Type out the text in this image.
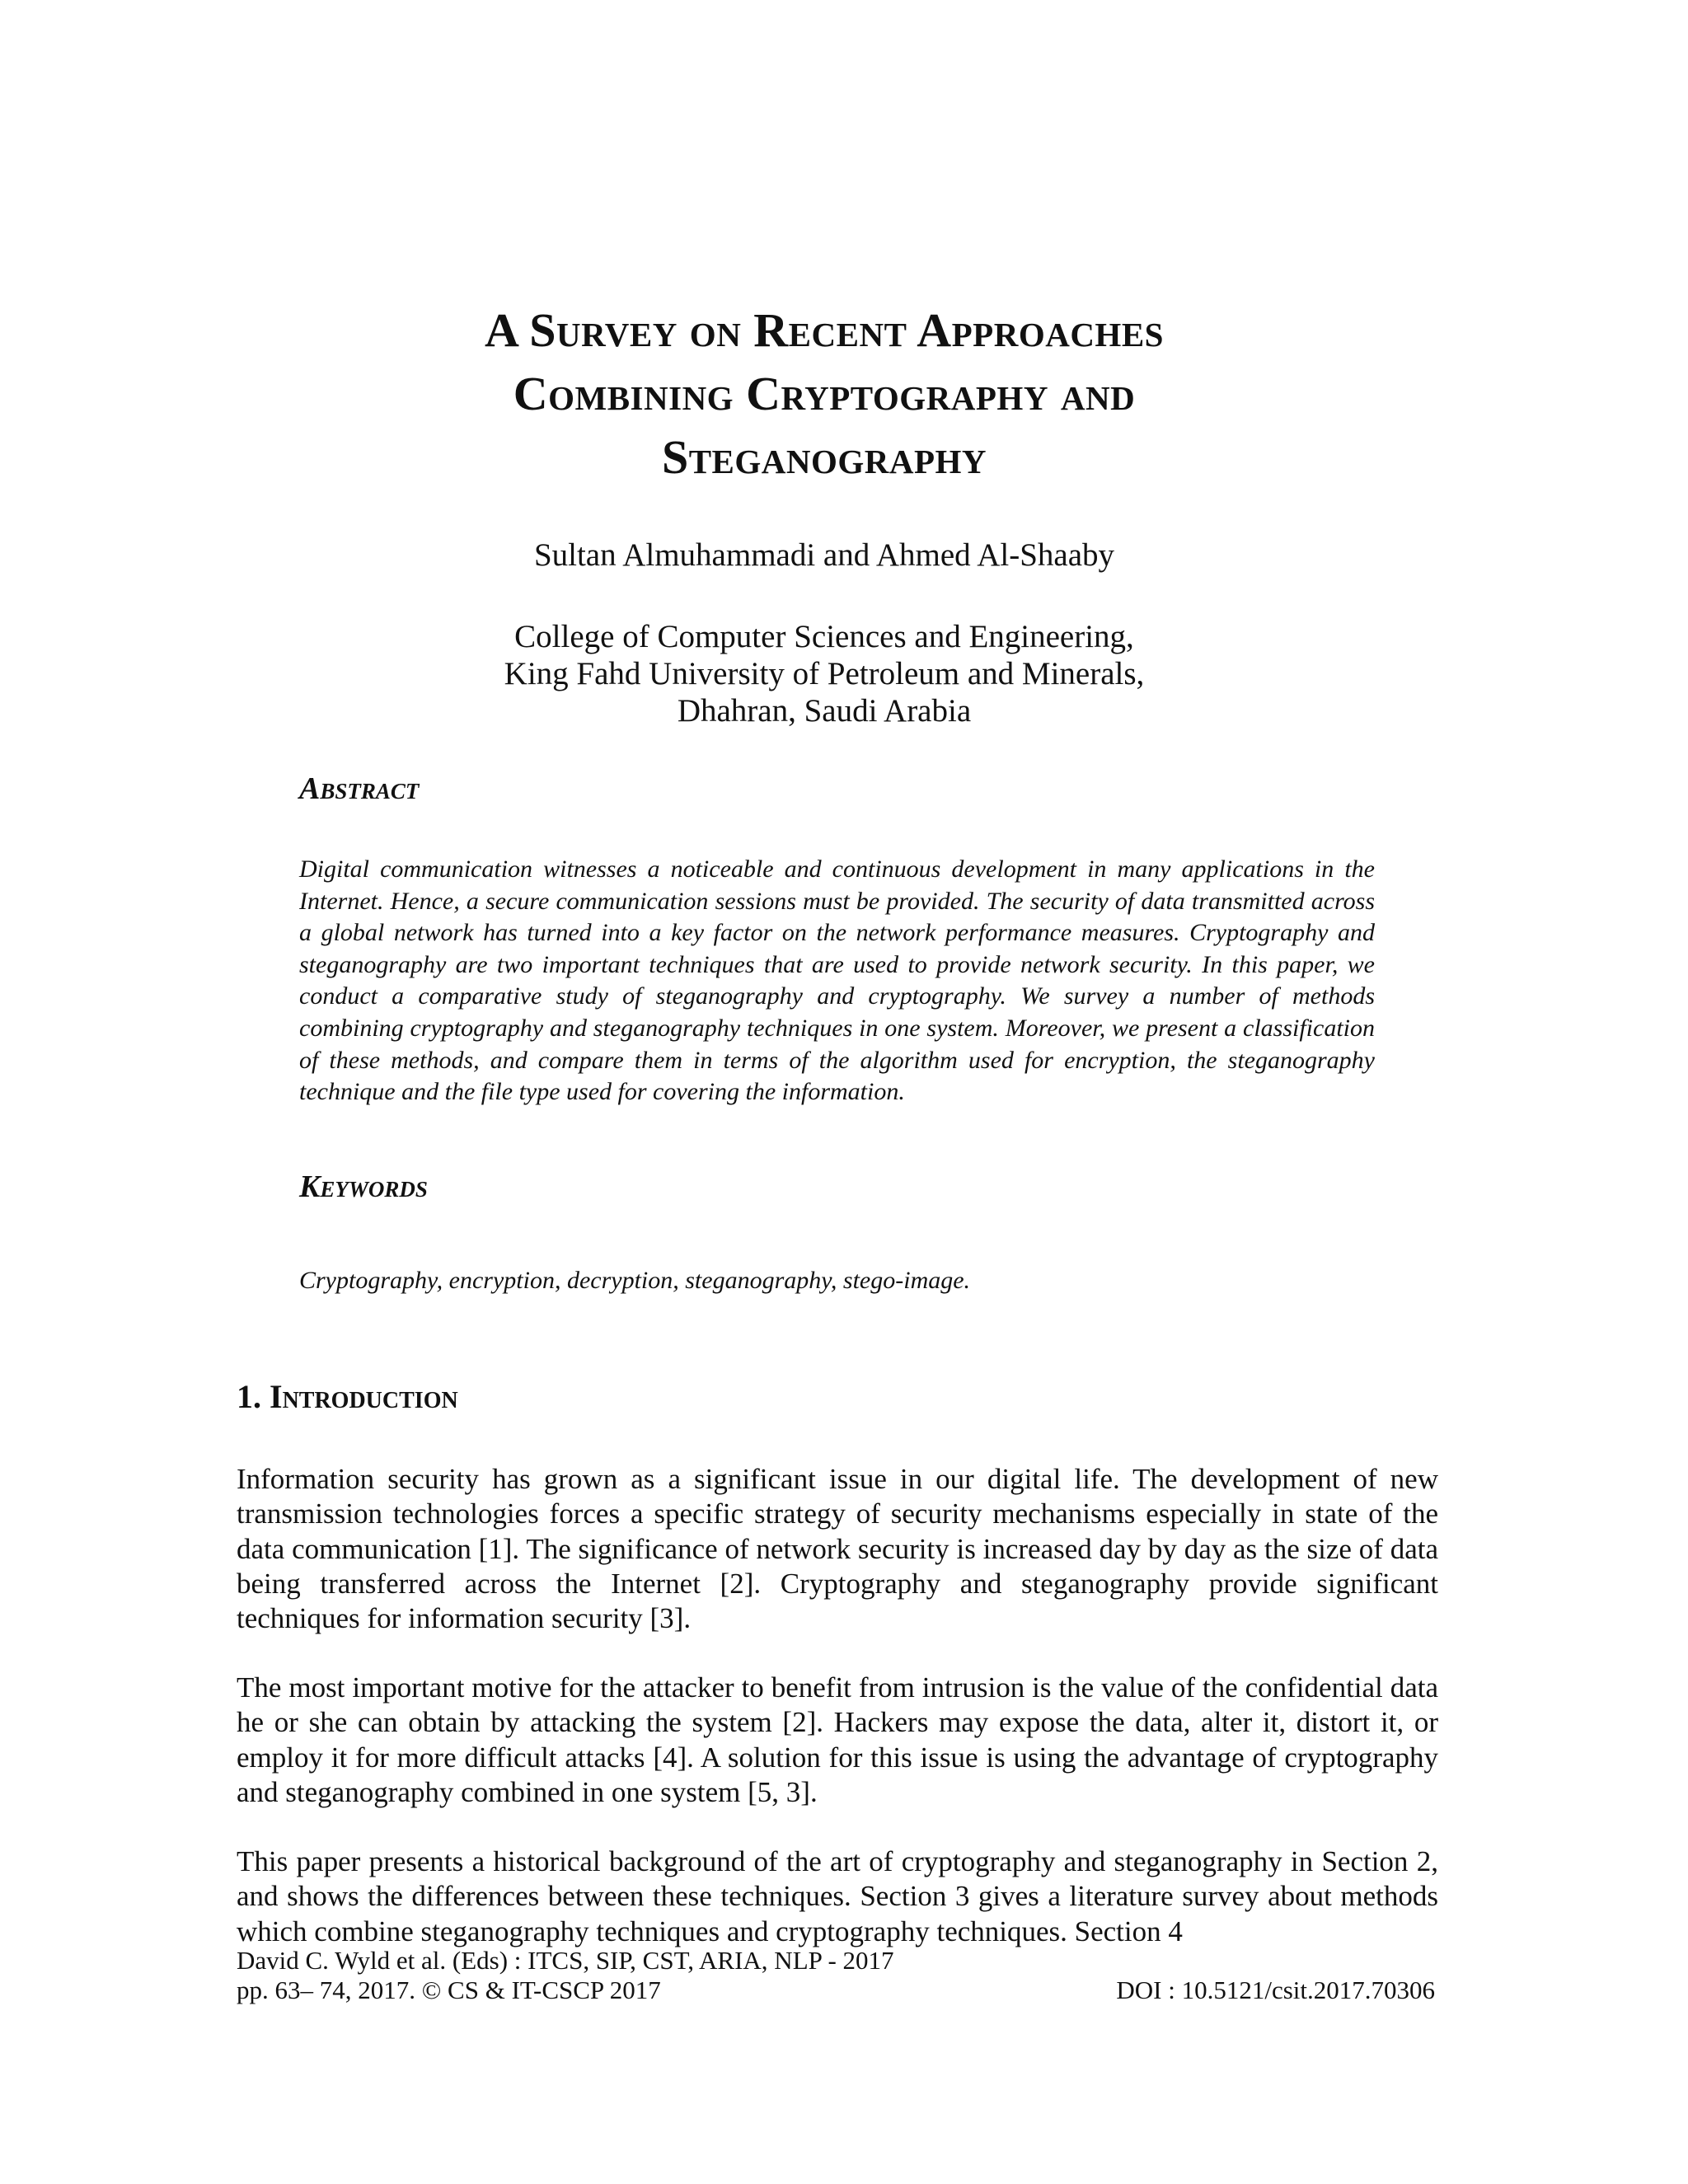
A Survey on Recent Approaches
Combining Cryptography and
Steganography

Sultan Almuhammadi and Ahmed Al-Shaaby

College of Computer Sciences and Engineering,
King Fahd University of Petroleum and Minerals,
Dhahran, Saudi Arabia

Abstract

Digital communication witnesses a noticeable and continuous development in many applications in the Internet. Hence, a secure communication sessions must be provided. The security of data transmitted across a global network has turned into a key factor on the network performance measures. Cryptography and steganography are two important techniques that are used to provide network security. In this paper, we conduct a comparative study of steganography and cryptography. We survey a number of methods combining cryptography and steganography techniques in one system. Moreover, we present a classification of these methods, and compare them in terms of the algorithm used for encryption, the steganography technique and the file type used for covering the information.

Keywords

Cryptography, encryption, decryption, steganography, stego-image.

1. Introduction

Information security has grown as a significant issue in our digital life. The development of new transmission technologies forces a specific strategy of security mechanisms especially in state of the data communication [1]. The significance of network security is increased day by day as the size of data being transferred across the Internet [2]. Cryptography and steganography provide significant techniques for information security [3].

The most important motive for the attacker to benefit from intrusion is the value of the confidential data he or she can obtain by attacking the system [2]. Hackers may expose the data, alter it, distort it, or employ it for more difficult attacks [4]. A solution for this issue is using the advantage of cryptography and steganography combined in one system [5, 3].

This paper presents a historical background of the art of cryptography and steganography in Section 2, and shows the differences between these techniques. Section 3 gives a literature survey about methods which combine steganography techniques and cryptography techniques. Section 4

David C. Wyld et al. (Eds) : ITCS, SIP, CST, ARIA, NLP - 2017

pp. 63– 74, 2017. © CS & IT-CSCP 2017	DOI : 10.5121/csit.2017.70306
